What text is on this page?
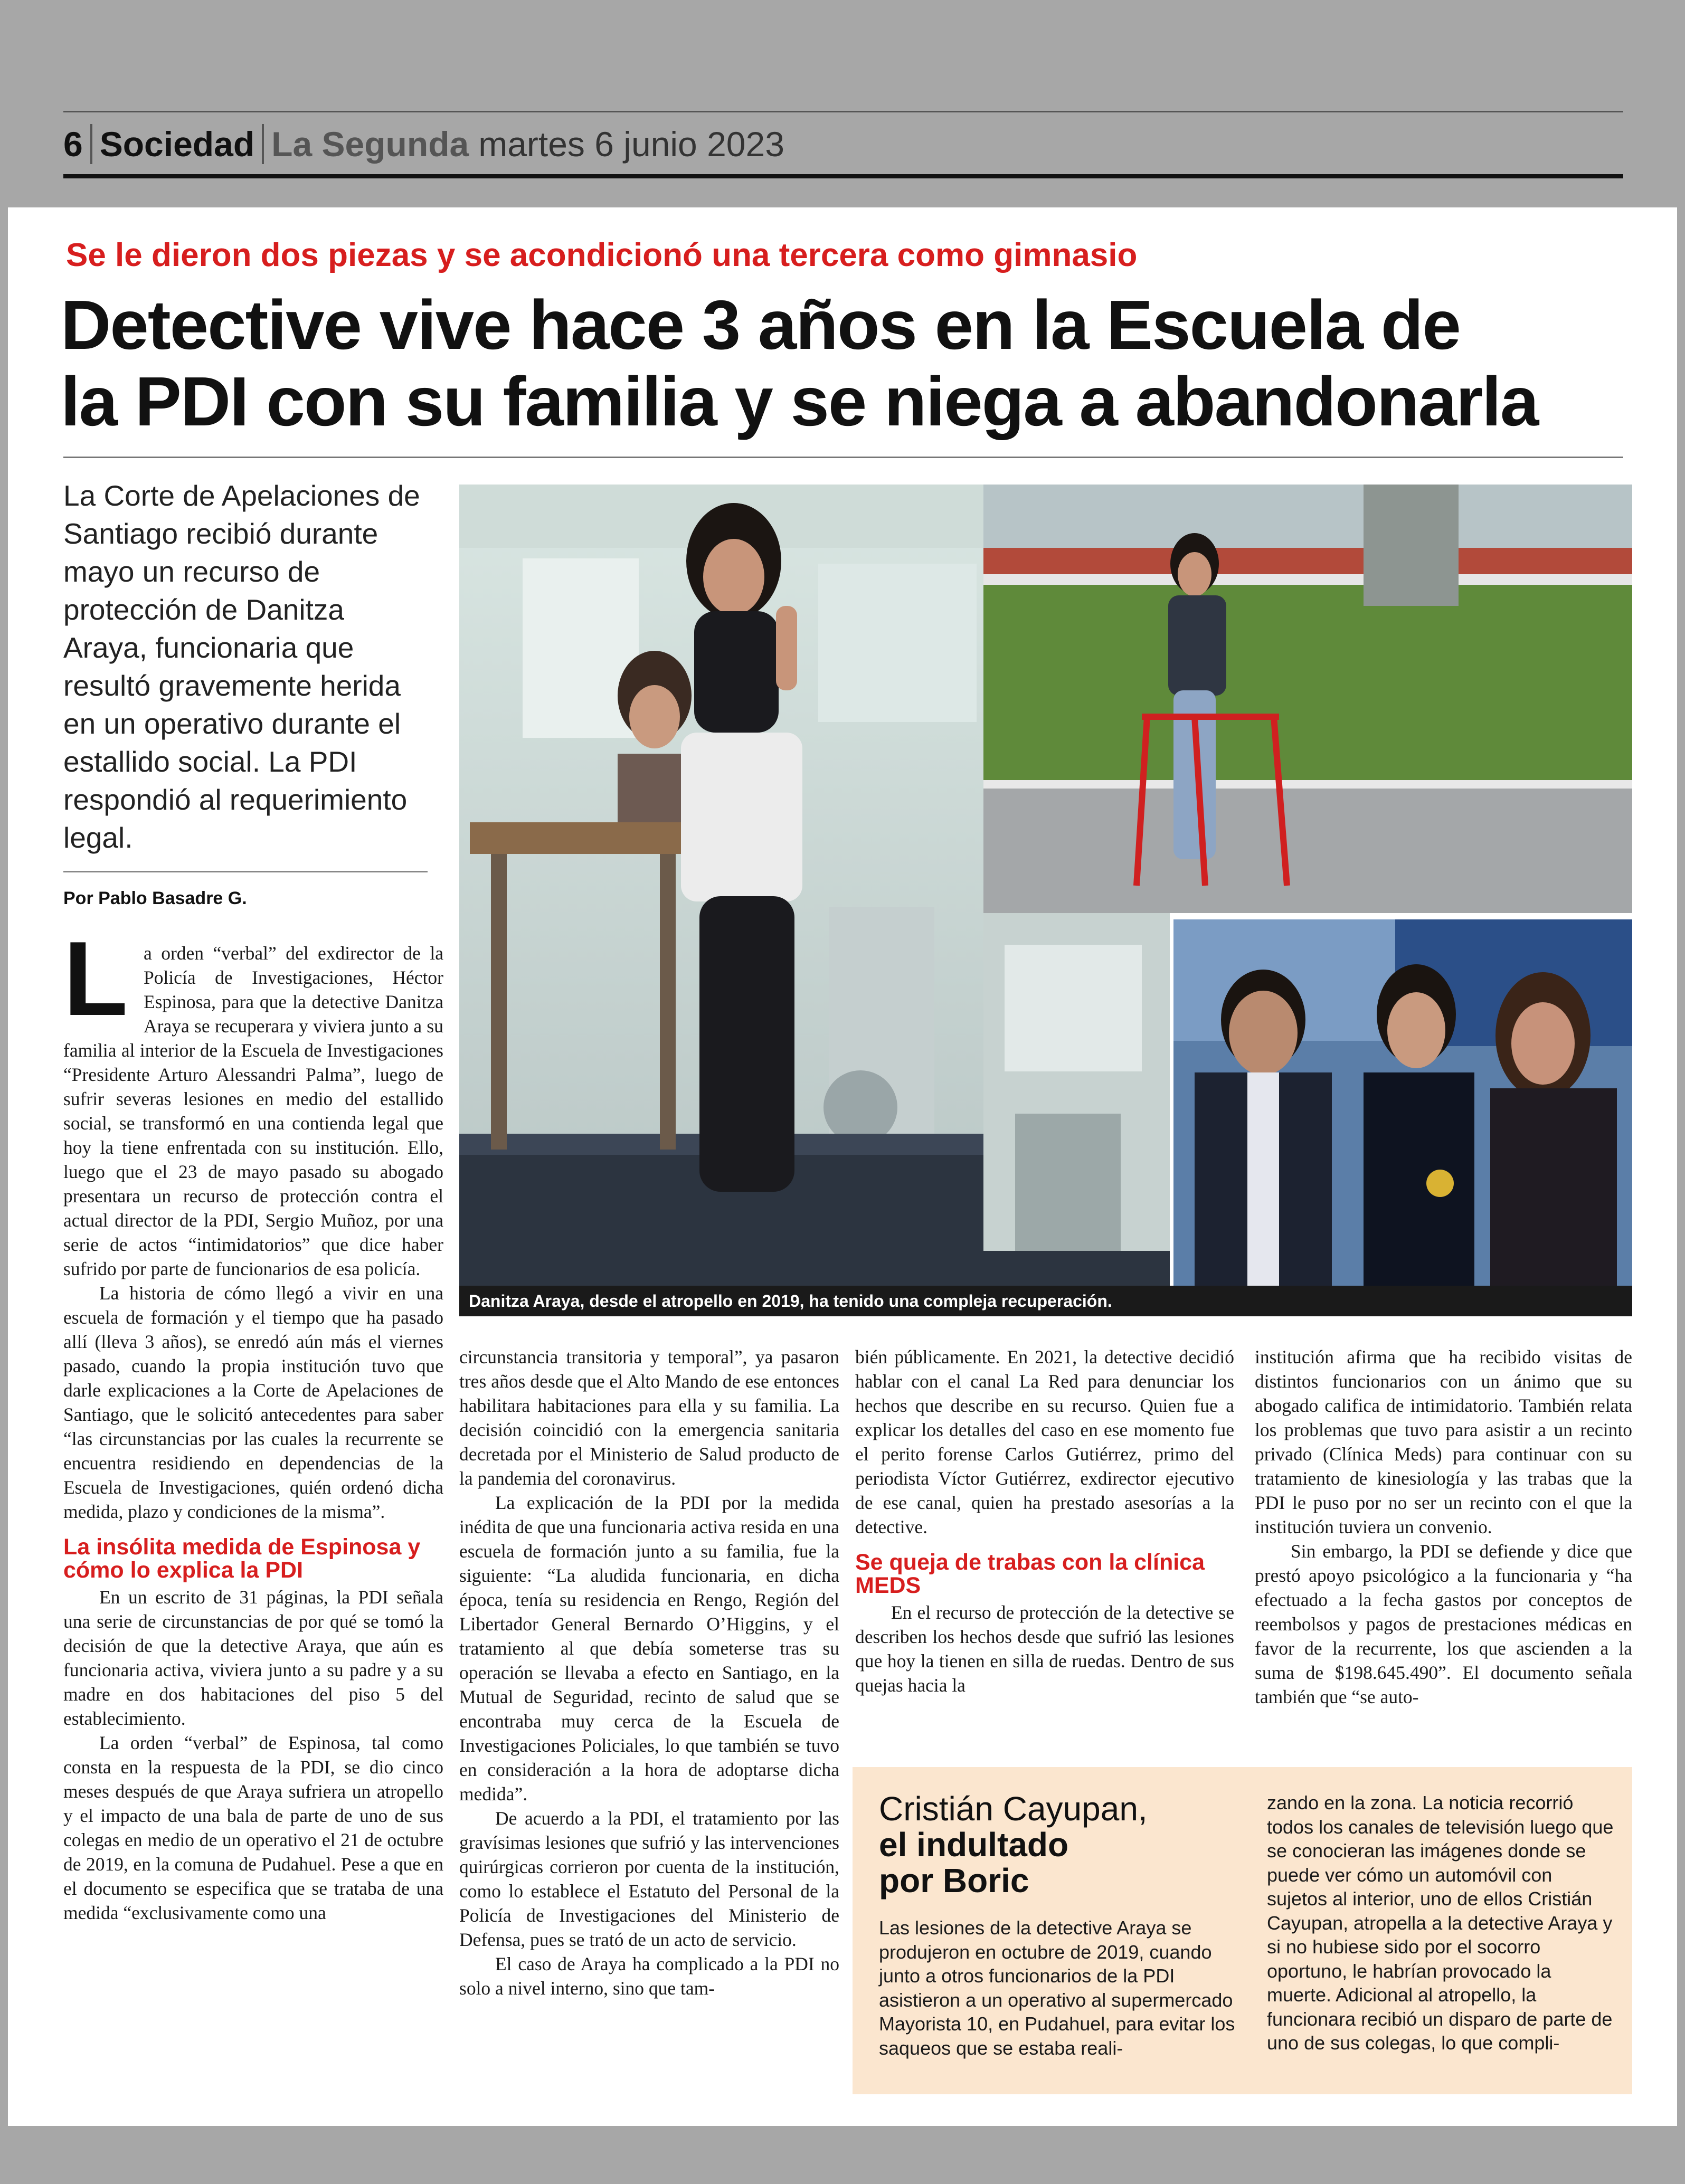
6 Sociedad La Segunda martes 6 junio 2023
Se le dieron dos piezas y se acondicionó una tercera como gimnasio
Detective vive hace 3 años en la Escuela de
la PDI con su familia y se niega a abandonarla
La Corte de Apelaciones de Santiago recibió durante mayo un recurso de protección de Danitza Araya, funcionaria que resultó gravemente herida en un operativo durante el estallido social. La PDI respondió al requerimiento legal.
Por Pablo Basadre G.
Danitza Araya, desde el atropello en 2019, ha tenido una compleja recuperación.
L a orden “verbal” del exdirector de la Policía de Investigaciones, Héctor Espinosa, para que la detective Danitza Araya se recuperara y viviera junto a su familia al interior de la Escuela de Investigaciones “Presidente Arturo Alessandri Palma”, luego de sufrir severas lesiones en medio del estallido social, se transformó en una contienda legal que hoy la tiene enfrentada con su institución. Ello, luego que el 23 de mayo pasado su abogado presentara un recurso de protección contra el actual director de la PDI, Sergio Muñoz, por una serie de actos “intimidatorios” que dice haber sufrido por parte de funcionarios de esa policía.

La historia de cómo llegó a vivir en una escuela de formación y el tiempo que ha pasado allí (lleva 3 años), se enredó aún más el viernes pasado, cuando la propia institución tuvo que darle explicaciones a la Corte de Apelaciones de Santiago, que le solicitó antecedentes para saber “las circunstancias por las cuales la recurrente se encuentra residiendo en dependencias de la Escuela de Investigaciones, quién ordenó dicha medida, plazo y condiciones de la misma”.

La insólita medida de Espinosa y cómo lo explica la PDI

En un escrito de 31 páginas, la PDI señala una serie de circunstancias de por qué se tomó la decisión de que la detective Araya, que aún es funcionaria activa, viviera junto a su padre y a su madre en dos habitaciones del piso 5 del establecimiento.

La orden “verbal” de Espinosa, tal como consta en la respuesta de la PDI, se dio cinco meses después de que Araya sufriera un atropello y el impacto de una bala de parte de uno de sus colegas en medio de un operativo el 21 de octubre de 2019, en la comuna de Pudahuel. Pese a que en el documento se especifica que se trataba de una medida “exclusivamente como una

circunstancia transitoria y temporal”, ya pasaron tres años desde que el Alto Mando de ese entonces habilitara habitaciones para ella y su familia. La decisión coincidió con la emergencia sanitaria decretada por el Ministerio de Salud producto de la pandemia del coronavirus.

La explicación de la PDI por la medida inédita de que una funcionaria activa resida en una escuela de formación junto a su familia, fue la siguiente: “La aludida funcionaria, en dicha época, tenía su residencia en Rengo, Región del Libertador General Bernardo O’Higgins, y el tratamiento al que debía someterse tras su operación se llevaba a efecto en Santiago, en la Mutual de Seguridad, recinto de salud que se encontraba muy cerca de la Escuela de Investigaciones Policiales, lo que también se tuvo en consideración a la hora de adoptarse dicha medida”.

De acuerdo a la PDI, el tratamiento por las gravísimas lesiones que sufrió y las intervenciones quirúrgicas corrieron por cuenta de la institución, como lo establece el Estatuto del Personal de la Policía de Investigaciones del Ministerio de Defensa, pues se trató de un acto de servicio.

El caso de Araya ha complicado a la PDI no solo a nivel interno, sino que tam-

bién públicamente. En 2021, la detective decidió hablar con el canal La Red para denunciar los hechos que describe en su recurso. Quien fue a explicar los detalles del caso en ese momento fue el perito forense Carlos Gutiérrez, primo del periodista Víctor Gutiérrez, exdirector ejecutivo de ese canal, quien ha prestado asesorías a la detective.

Se queja de trabas con la clínica MEDS

En el recurso de protección de la detective se describen los hechos desde que sufrió las lesiones que hoy la tienen en silla de ruedas. Dentro de sus quejas hacia la

institución afirma que ha recibido visitas de distintos funcionarios con un ánimo que su abogado califica de intimidatorio. También relata los problemas que tuvo para asistir a un recinto privado (Clínica Meds) para continuar con su tratamiento de kinesiología y las trabas que la PDI le puso por no ser un recinto con el que la institución tuviera un convenio.

Sin embargo, la PDI se defiende y dice que prestó apoyo psicológico a la funcionaria y “ha efectuado a la fecha gastos por conceptos de reembolsos y pagos de prestaciones médicas en favor de la recurrente, los que ascienden a la suma de $198.645.490”. El documento señala también que “se auto-

Cristián Cayupan,
el indultado
por Boric
Las lesiones de la detective Araya se produjeron en octubre de 2019, cuando junto a otros funcionarios de la PDI asistieron a un operativo al supermercado Mayorista 10, en Pudahuel, para evitar los saqueos que se estaba reali-
zando en la zona. La noticia recorrió todos los canales de televisión luego que se conocieran las imágenes donde se puede ver cómo un automóvil con sujetos al interior, uno de ellos Cristián Cayupan, atropella a la detective Araya y si no hubiese sido por el socorro oportuno, le habrían provocado la muerte. Adicional al atropello, la funcionara recibió un disparo de parte de uno de sus colegas, lo que compli-
